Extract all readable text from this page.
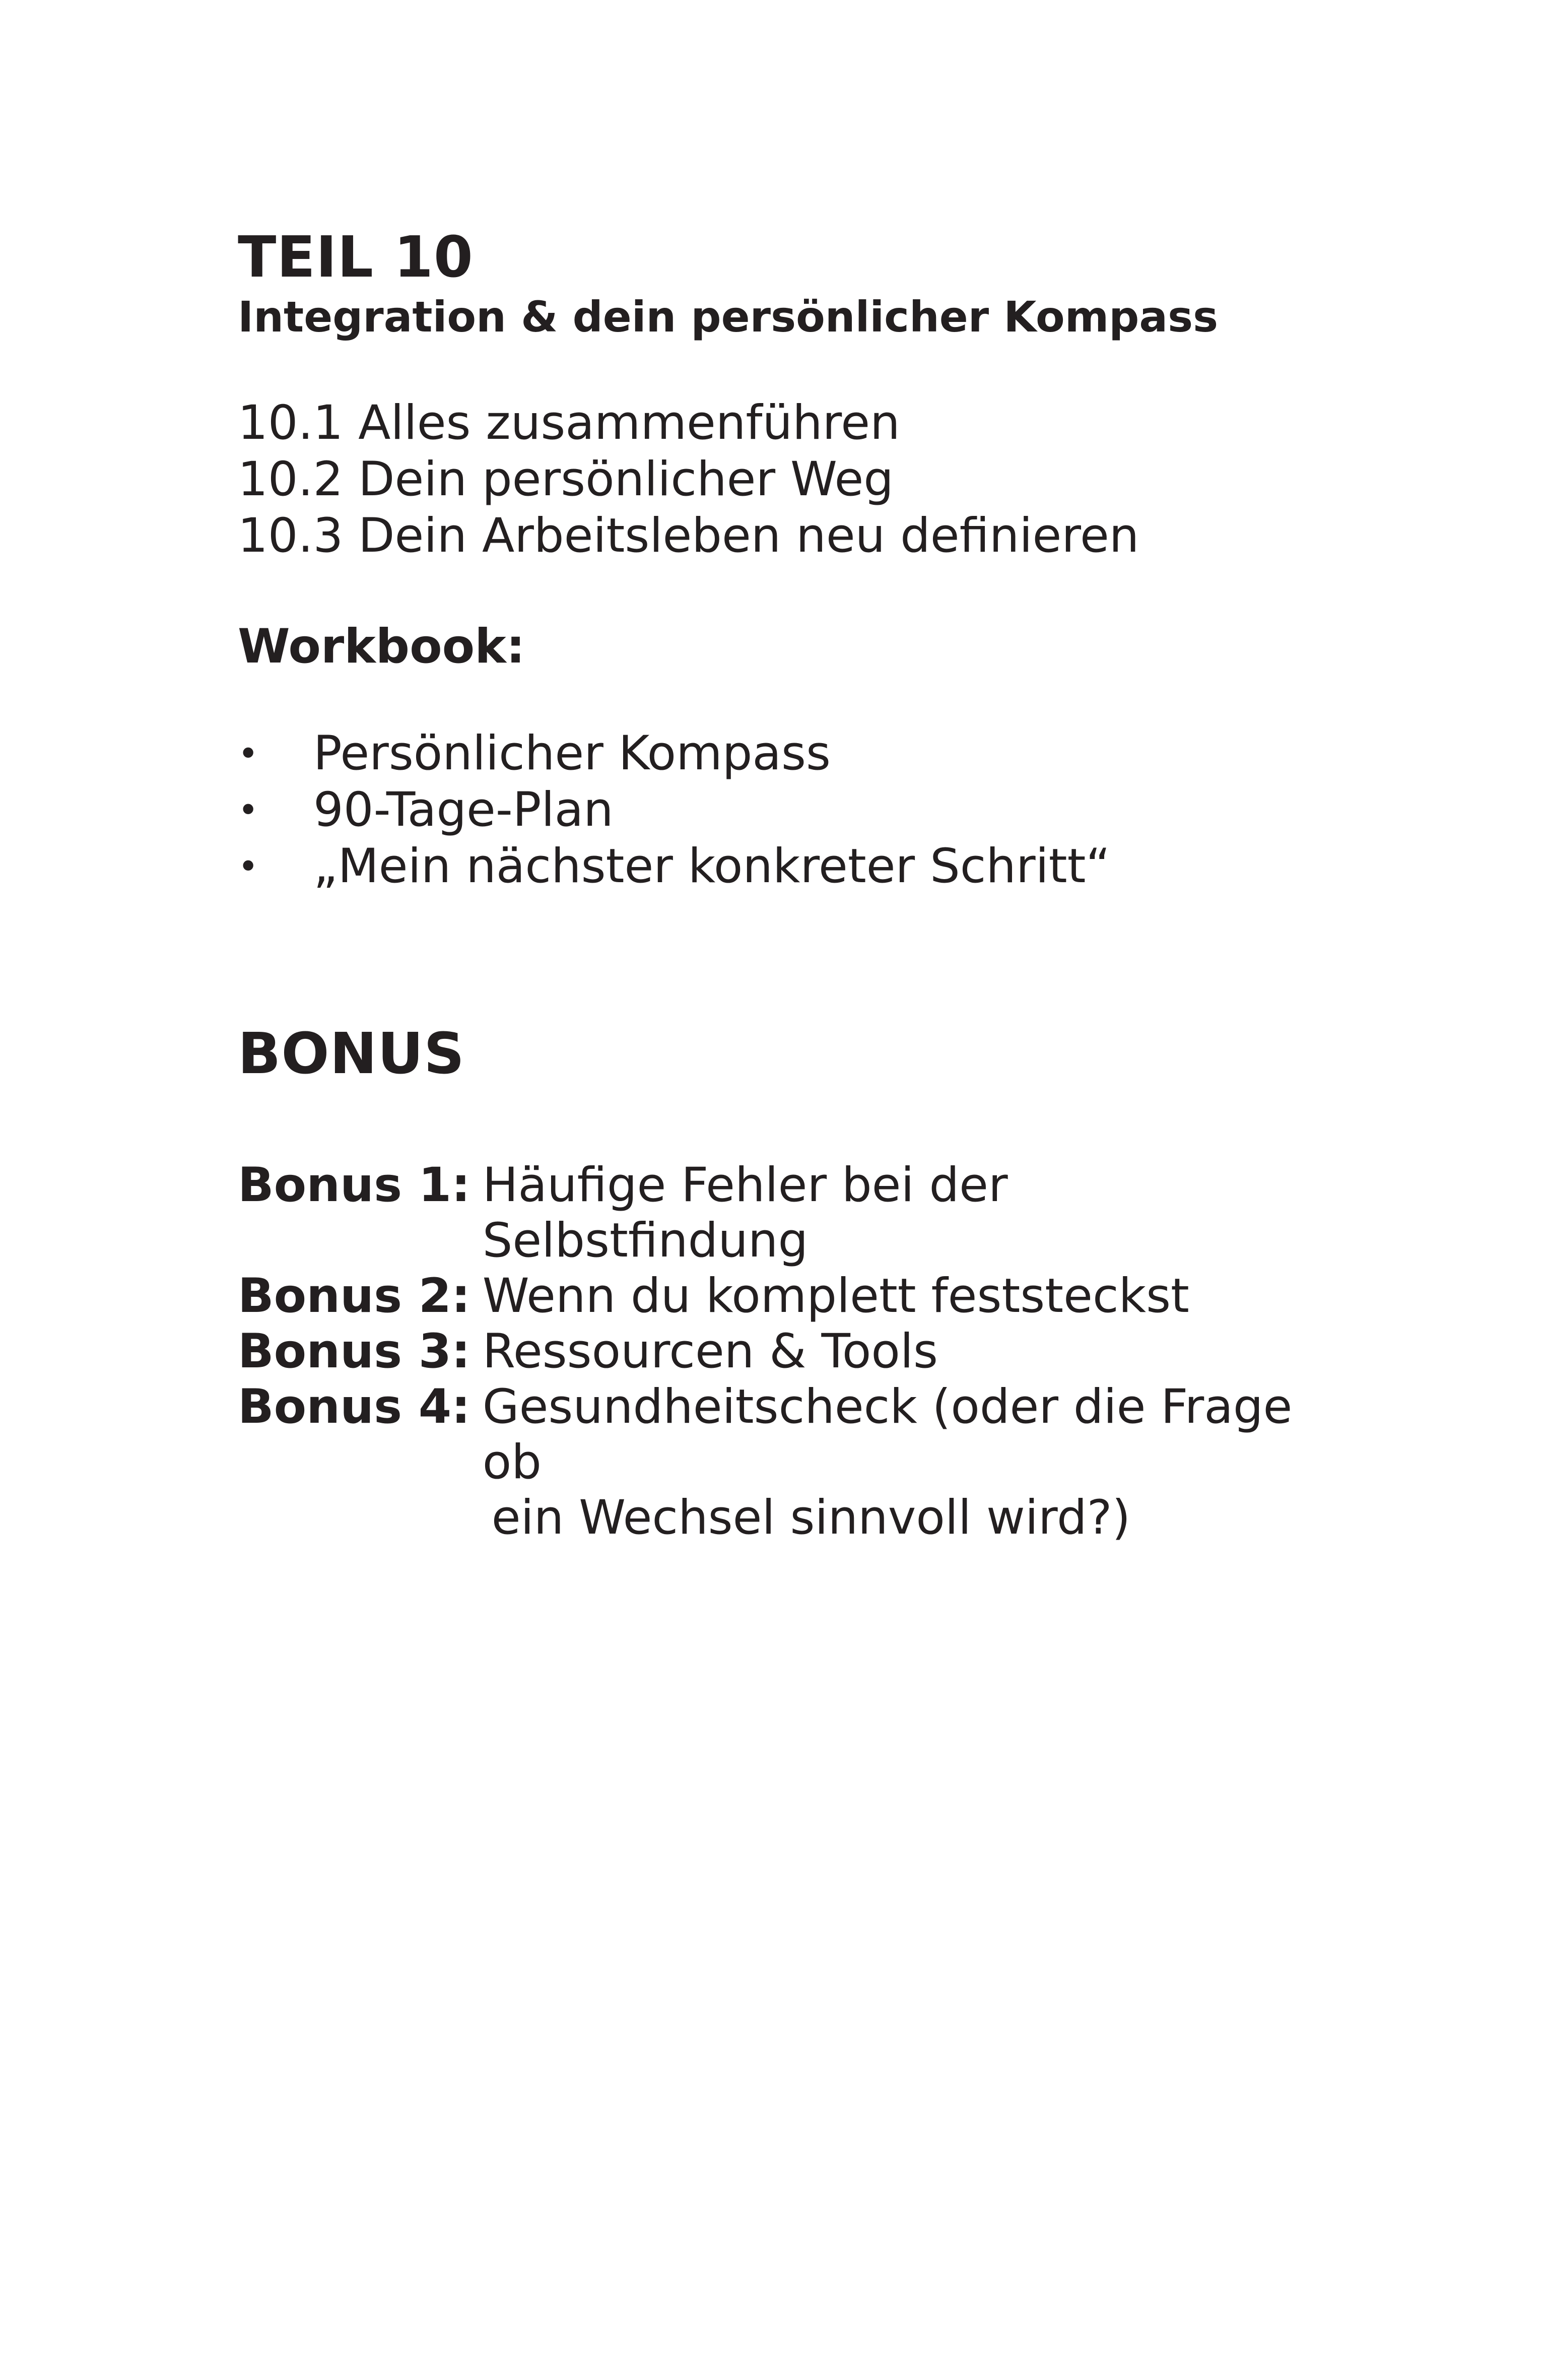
TEIL 10
Integration & dein persönlicher Kompass
10.1 Alles zusammenführen
10.2 Dein persönlicher Weg
10.3 Dein Arbeitsleben neu definieren
Workbook:
• Persönlicher Kompass
• 90-Tage-Plan
• „Mein nächster konkreter Schritt“
BONUS
Bonus 1: Häufige Fehler bei der Selbstfindung
Bonus 2: Wenn du komplett feststeckst
Bonus 3: Ressourcen & Tools
Bonus 4: Gesundheitscheck (oder die Frage ob
ein Wechsel sinnvoll wird?)
